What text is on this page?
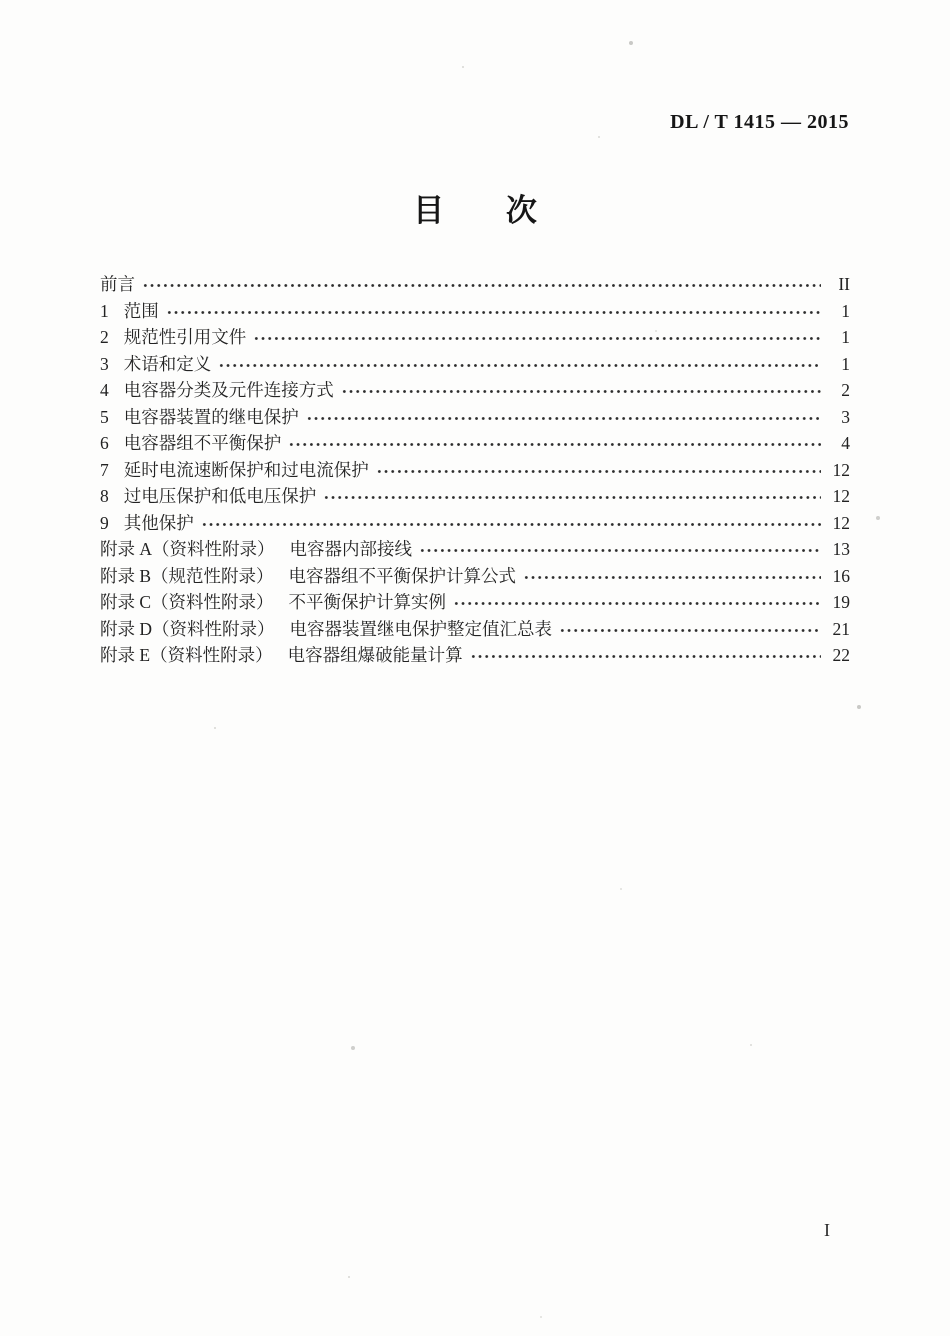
DL / T 1415 — 2015
目 次
前言	II
1 范围	1
2 规范性引用文件	1
3 术语和定义	1
4 电容器分类及元件连接方式	2
5 电容器装置的继电保护	3
6 电容器组不平衡保护	4
7 延时电流速断保护和过电流保护	12
8 过电压保护和低电压保护	12
9 其他保护	12
附录 A（资料性附录） 电容器内部接线	13
附录 B（规范性附录） 电容器组不平衡保护计算公式	16
附录 C（资料性附录） 不平衡保护计算实例	19
附录 D（资料性附录） 电容器装置继电保护整定值汇总表	21
附录 E（资料性附录） 电容器组爆破能量计算	22
I
